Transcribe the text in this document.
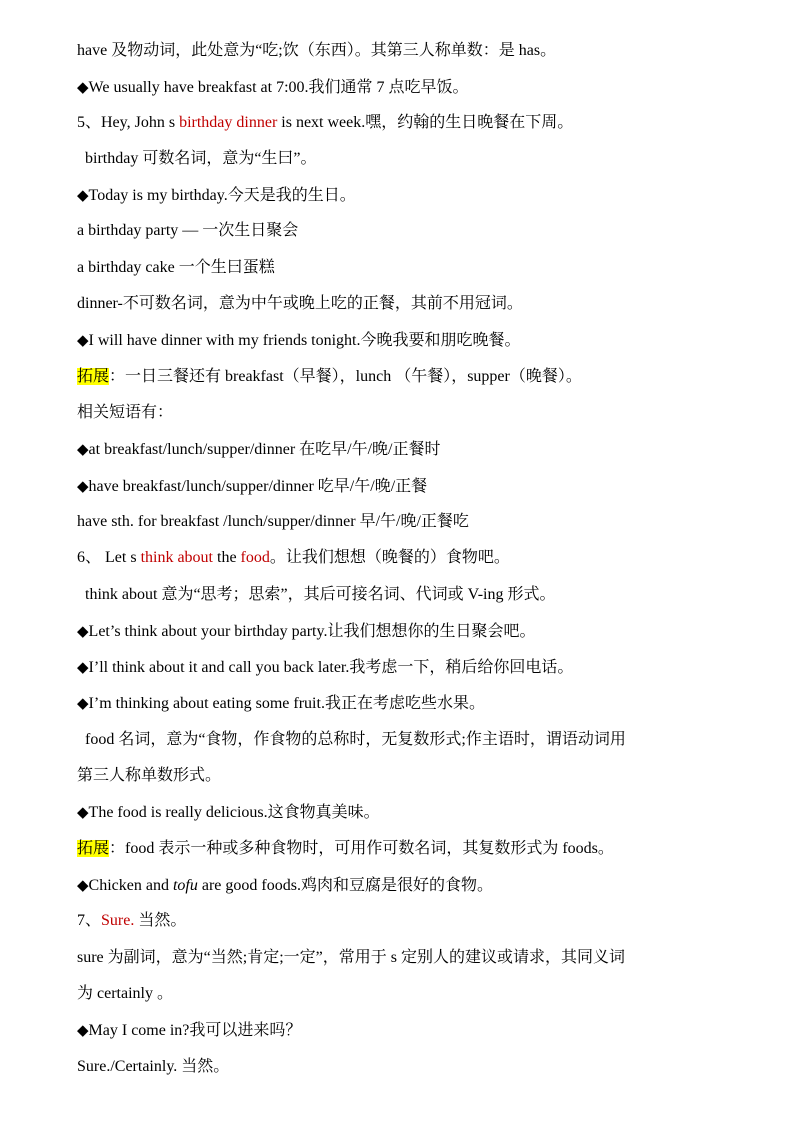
have 及物动词，此处意为“吃;饮（东西）。其第三人称单数：是 has。
◆We usually have breakfast at 7:00.我们通常 7 点吃早饭。
5、Hey, John s birthday dinner is next week.嘿，约翰的生日晚餐在下周。
birthday 可数名词，意为“生曰”。
◆Today is my birthday.今天是我的生日。
a birthday party — 一次生日聚会
a birthday cake 一个生曰蛋糕
dinner-不可数名词，意为中午或晚上吃的正餐，其前不用冠词。
◆I will have dinner with my friends tonight.今晚我要和朋吃晚餐。
拓展：一日三餐还有 breakfast（早餐），lunch （午餐），supper（晚餐）。
相关短语有：
◆at breakfast/lunch/supper/dinner 在吃早/午/晚/正餐时
◆have breakfast/lunch/supper/dinner 吃早/午/晚/正餐
have sth. for breakfast /lunch/supper/dinner 早/午/晚/正餐吃
6、 Let s think about the food。让我们想想（晚餐的）食物吧。
think about 意为“思考；思索”，其后可接名词、代词或 V-ing 形式。
◆Let’s think about your birthday party.让我们想想你的生日聚会吧。
◆I’ll think about it and call you back later.我考虑一下，稍后给你回电话。
◆I’m thinking about eating some fruit.我正在考虑吃些水果。
food 名词，意为“食物，作食物的总称时，无复数形式;作主语时，谓语动词用
第三人称单数形式。
◆The food is really delicious.这食物真美味。
拓展：food 表示一种或多种食物时，可用作可数名词，其复数形式为 foods。
◆Chicken and tofu are good foods.鸡肉和豆腐是很好的食物。
7、Sure. 当然。
sure 为副词，意为“当然;肯定;一定”，常用于 s 定别人的建议或请求，其同义词
为 certainly 。
◆May I come in?我可以进来吗？
Sure./Certainly. 当然。
